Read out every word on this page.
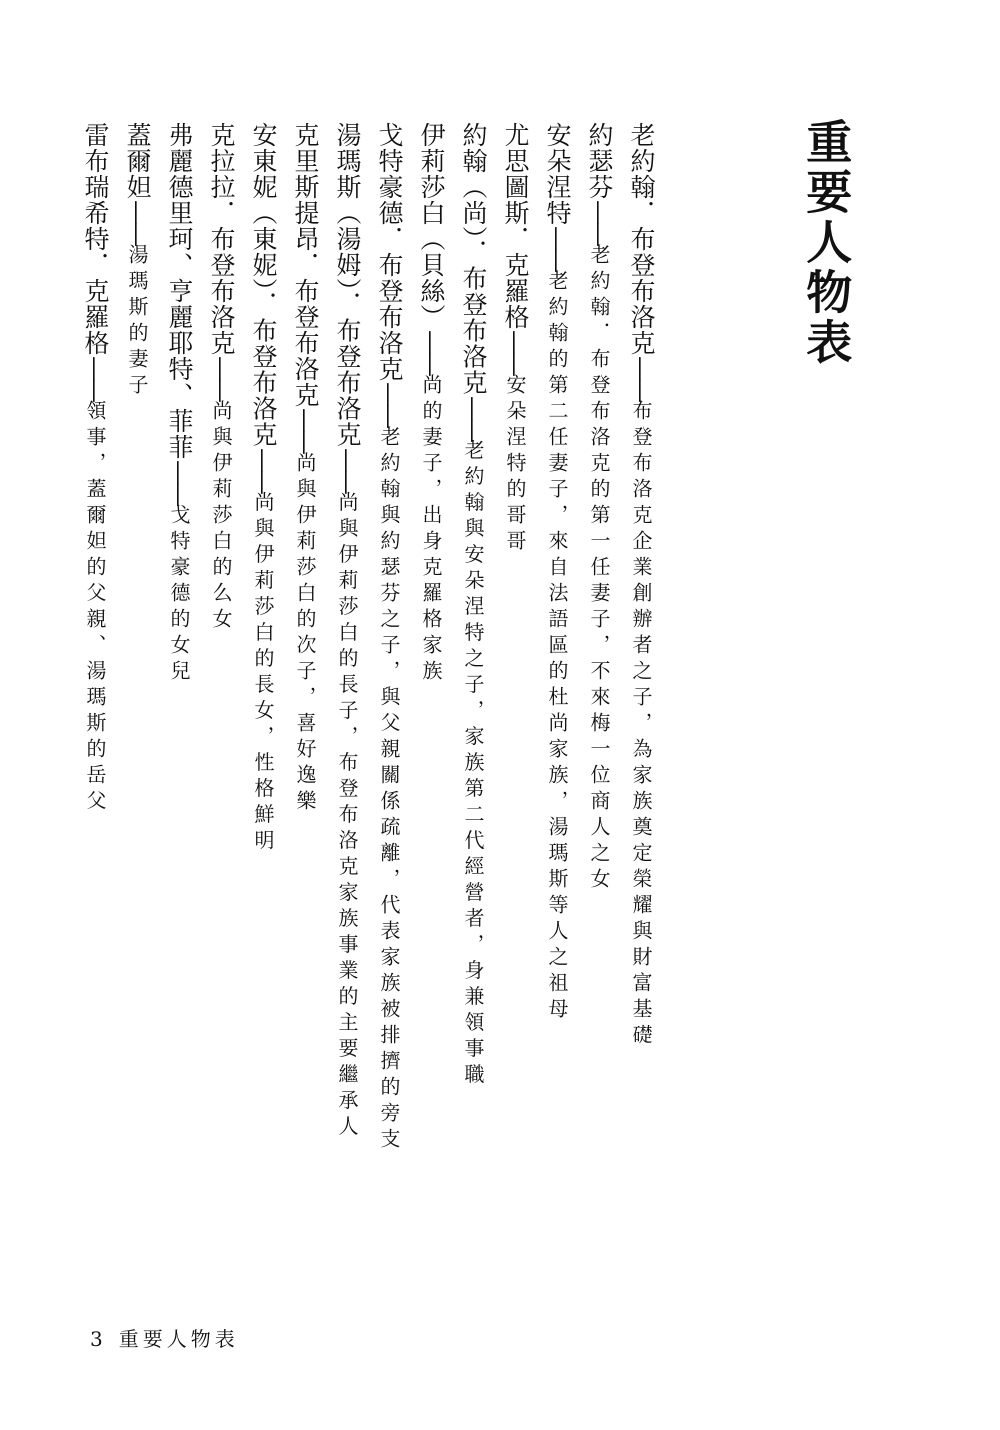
重要人物表

老約翰．布登布洛克——布登布洛克企業創辦者之子，為家族奠定榮耀與財富基礎

約瑟芬——老約翰．布登布洛克的第一任妻子，不來梅一位商人之女

安朵涅特——老約翰的第二任妻子，來自法語區的杜尚家族，湯瑪斯等人之祖母

尤思圖斯．克羅格——安朵涅特的哥哥

約翰（尚）．布登布洛克——老約翰與安朵涅特之子，家族第二代經營者，身兼領事職

伊莉莎白（貝絲）——尚的妻子，出身克羅格家族

戈特豪德．布登布洛克——老約翰與約瑟芬之子，與父親關係疏離，代表家族被排擠的旁支

湯瑪斯（湯姆）．布登布洛克——尚與伊莉莎白的長子，布登布洛克家族事業的主要繼承人

克里斯提昂．布登布洛克——尚與伊莉莎白的次子，喜好逸樂

安東妮（東妮）．布登布洛克——尚與伊莉莎白的長女，性格鮮明

克拉拉．布登布洛克——尚與伊莉莎白的么女

弗麗德里珂、亨麗耶特、菲菲——戈特豪德的女兒

蓋爾妲——湯瑪斯的妻子

雷布瑞希特．克羅格——領事，蓋爾妲的父親、湯瑪斯的岳父

3 重要人物表
